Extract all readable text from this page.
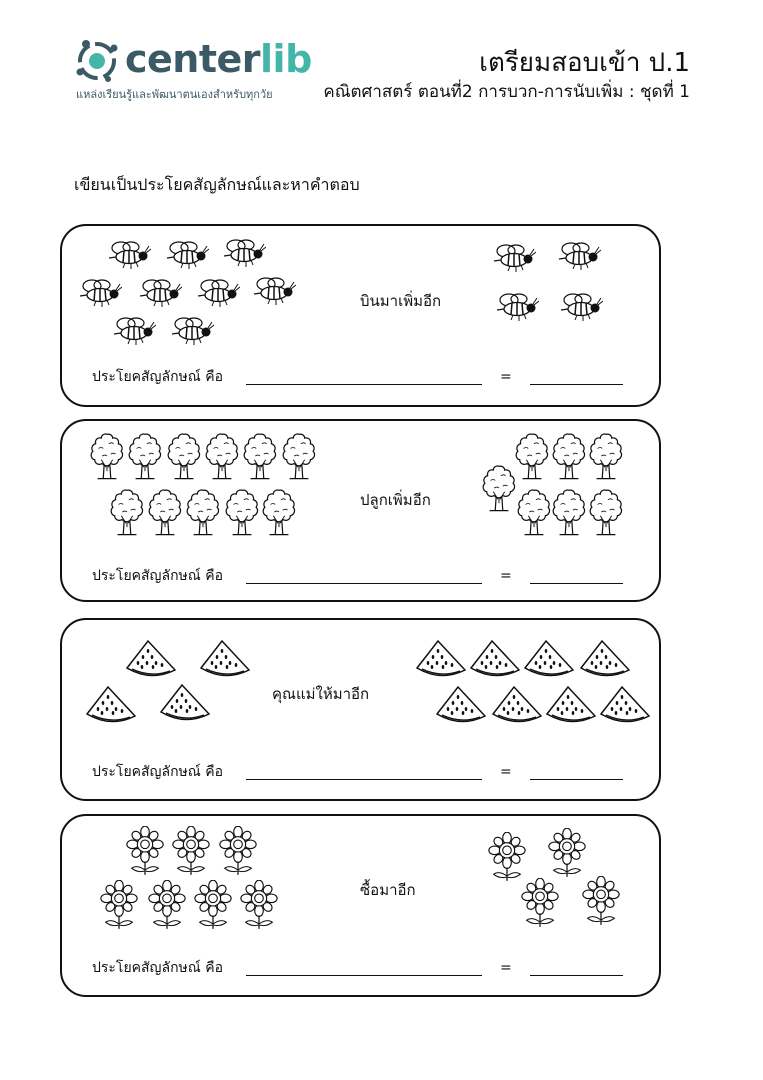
centerlib
แหล่งเรียนรู้และพัฒนาตนเองสำหรับทุกวัย
เตรียมสอบเข้า ป.1
คณิตศาสตร์ ตอนที่2 การบวก-การนับเพิ่ม : ชุดที่ 1
เขียนเป็นประโยคสัญลักษณ์และหาคำตอบ
บินมาเพิ่มอีก
ประโยคสัญลักษณ์ คือ	=
ปลูกเพิ่มอีก
ประโยคสัญลักษณ์ คือ	=
คุณแม่ให้มาอีก
ประโยคสัญลักษณ์ คือ	=
ซื้อมาอีก
ประโยคสัญลักษณ์ คือ	=
